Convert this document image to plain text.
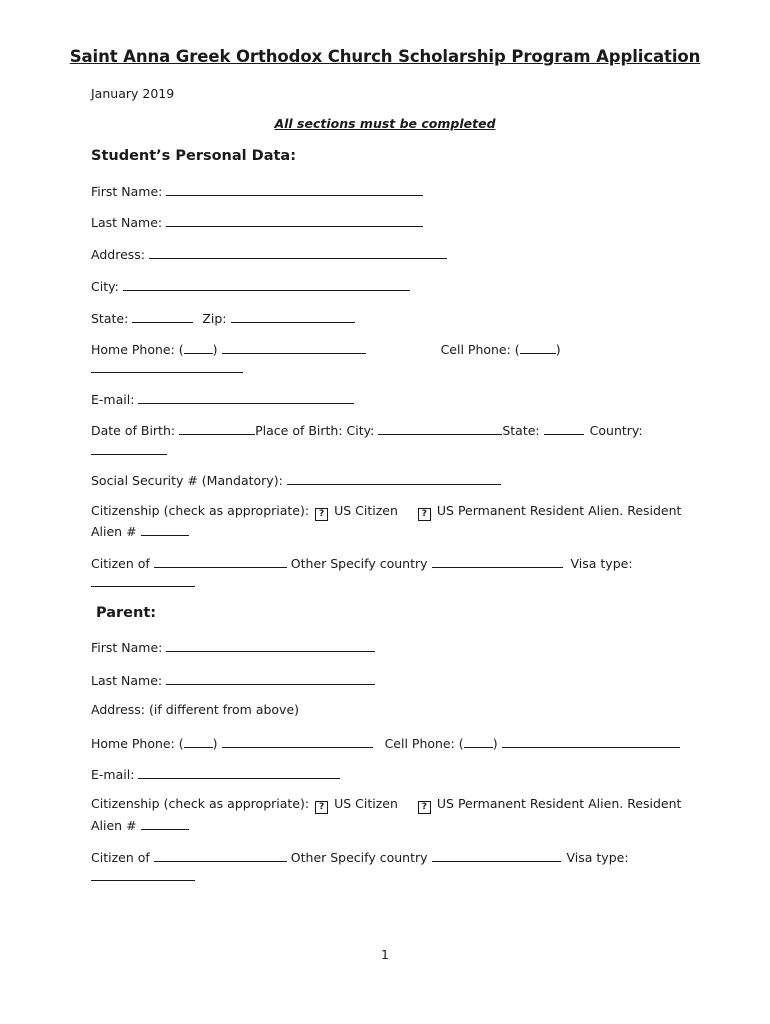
Saint Anna Greek Orthodox Church Scholarship Program Application
January 2019
All sections must be completed
Student’s Personal Data:
First Name:
Last Name:
Address:
City:
State:	Zip:
Home Phone: ( )	Cell Phone: (	)
E-mail:
Date of Birth:	Place of Birth: City:	State:	Country:
Social Security # (Mandatory):
Citizenship (check as appropriate): ? US Citizen	? US Permanent Resident Alien. Resident
Alien #
Citizen of	Other Specify country	Visa type:
Parent:
First Name:
Last Name:
Address: (if different from above)
Home Phone: ( )	Cell Phone: ( )
E-mail:
Citizenship (check as appropriate): ? US Citizen	? US Permanent Resident Alien. Resident
Alien #
Citizen of	Other Specify country	Visa type:
1
